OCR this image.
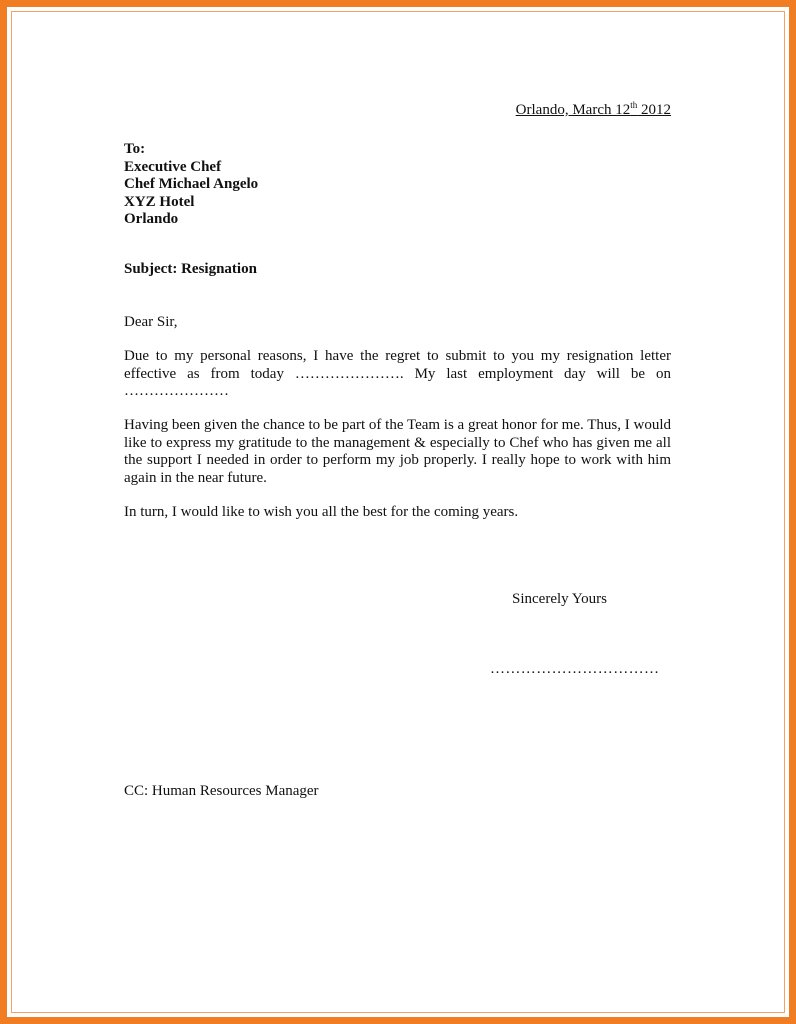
Orlando, March 12th 2012
To:
Executive Chef
Chef Michael Angelo
XYZ Hotel
Orlando
Subject: Resignation
Dear Sir,
Due to my personal reasons, I have the regret to submit to you my resignation letter effective as from today …………………. My last employment day will be on …………………
Having been given the chance to be part of the Team is a great honor for me. Thus, I would like to express my gratitude to the management & especially to Chef who has given me all the support I needed in order to perform my job properly. I really hope to work with him again in the near future.
In turn, I would like to wish you all the best for the coming years.
Sincerely Yours
……………………………
CC: Human Resources Manager
